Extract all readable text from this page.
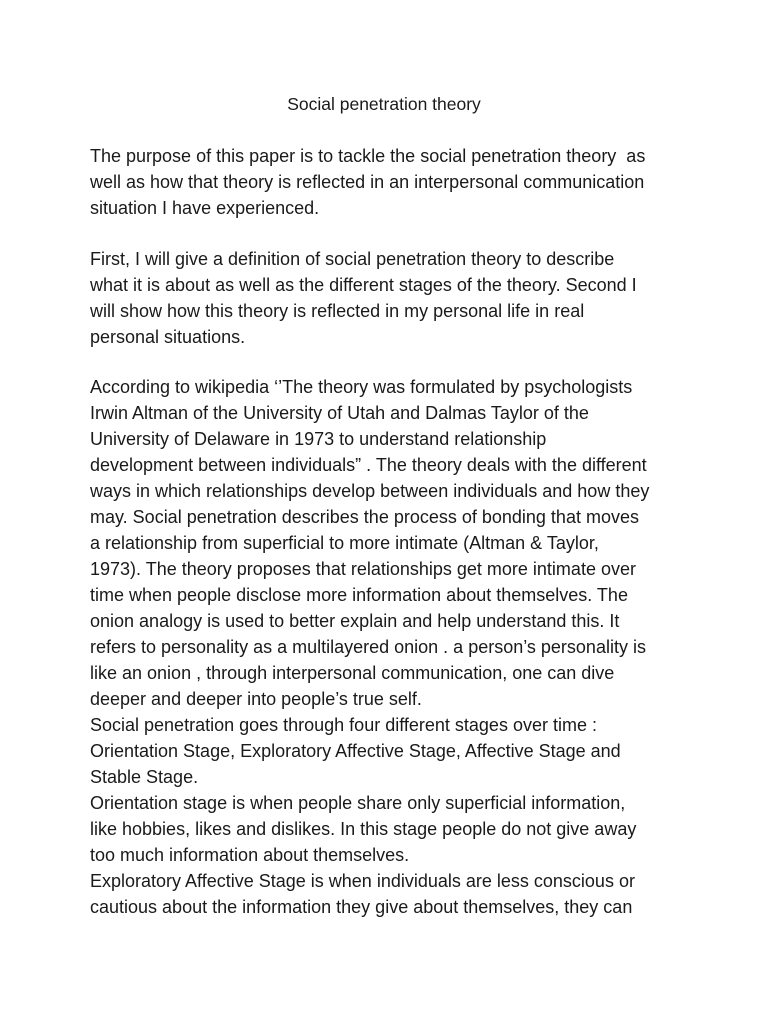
Social penetration theory

The purpose of this paper is to tackle the social penetration theory  as
well as how that theory is reflected in an interpersonal communication
situation I have experienced.

First, I will give a definition of social penetration theory to describe
what it is about as well as the different stages of the theory. Second I
will show how this theory is reflected in my personal life in real
personal situations.

According to wikipedia ‘’The theory was formulated by psychologists
Irwin Altman of the University of Utah and Dalmas Taylor of the
University of Delaware in 1973 to understand relationship
development between individuals” . The theory deals with the different
ways in which relationships develop between individuals and how they
may. Social penetration describes the process of bonding that moves
a relationship from superficial to more intimate (Altman & Taylor,
1973). The theory proposes that relationships get more intimate over
time when people disclose more information about themselves. The
onion analogy is used to better explain and help understand this. It
refers to personality as a multilayered onion . a person’s personality is
like an onion , through interpersonal communication, one can dive
deeper and deeper into people’s true self.
Social penetration goes through four different stages over time :
Orientation Stage, Exploratory Affective Stage, Affective Stage and
Stable Stage.
Orientation stage is when people share only superficial information,
like hobbies, likes and dislikes. In this stage people do not give away
too much information about themselves.
Exploratory Affective Stage is when individuals are less conscious or
cautious about the information they give about themselves, they can
